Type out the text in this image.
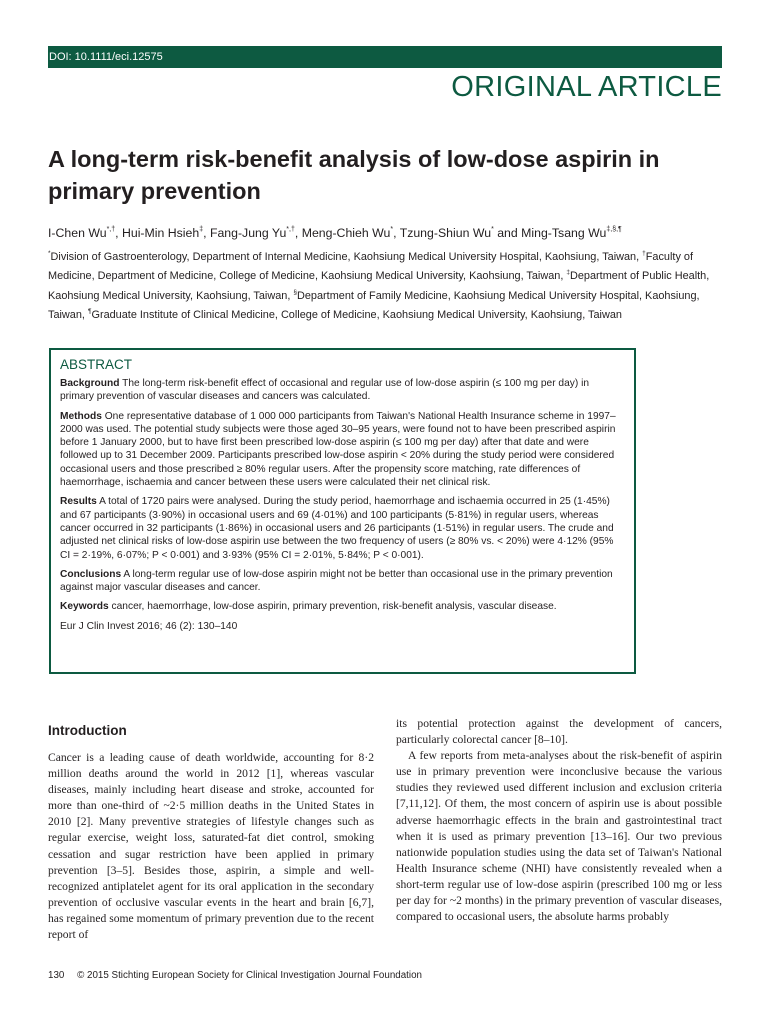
DOI: 10.1111/eci.12575
ORIGINAL ARTICLE
A long-term risk-benefit analysis of low-dose aspirin in primary prevention
I-Chen Wu*,†, Hui-Min Hsieh‡, Fang-Jung Yu*,†, Meng-Chieh Wu*, Tzung-Shiun Wu* and Ming-Tsang Wu‡,§,¶
*Division of Gastroenterology, Department of Internal Medicine, Kaohsiung Medical University Hospital, Kaohsiung, Taiwan, †Faculty of Medicine, Department of Medicine, College of Medicine, Kaohsiung Medical University, Kaohsiung, Taiwan, ‡Department of Public Health, Kaohsiung Medical University, Kaohsiung, Taiwan, §Department of Family Medicine, Kaohsiung Medical University Hospital, Kaohsiung, Taiwan, ¶Graduate Institute of Clinical Medicine, College of Medicine, Kaohsiung Medical University, Kaohsiung, Taiwan
ABSTRACT

Background The long-term risk-benefit effect of occasional and regular use of low-dose aspirin (≤ 100 mg per day) in primary prevention of vascular diseases and cancers was calculated.

Methods One representative database of 1 000 000 participants from Taiwan's National Health Insurance scheme in 1997–2000 was used. The potential study subjects were those aged 30–95 years, were found not to have been prescribed aspirin before 1 January 2000, but to have first been prescribed low-dose aspirin (≤ 100 mg per day) after that date and were followed up to 31 December 2009. Participants prescribed low-dose aspirin < 20% during the study period were considered occasional users and those prescribed ≥ 80% regular users. After the propensity score matching, rate differences of haemorrhage, ischaemia and cancer between these users were calculated their net clinical risk.

Results A total of 1720 pairs were analysed. During the study period, haemorrhage and ischaemia occurred in 25 (1·45%) and 67 participants (3·90%) in occasional users and 69 (4·01%) and 100 participants (5·81%) in regular users, whereas cancer occurred in 32 participants (1·86%) in occasional users and 26 participants (1·51%) in regular users. The crude and adjusted net clinical risks of low-dose aspirin use between the two frequency of users (≥ 80% vs. < 20%) were 4·12% (95% CI = 2·19%, 6·07%; P < 0·001) and 3·93% (95% CI = 2·01%, 5·84%; P < 0·001).

Conclusions A long-term regular use of low-dose aspirin might not be better than occasional use in the primary prevention against major vascular diseases and cancer.

Keywords cancer, haemorrhage, low-dose aspirin, primary prevention, risk-benefit analysis, vascular disease.

Eur J Clin Invest 2016; 46 (2): 130–140
Introduction

Cancer is a leading cause of death worldwide, accounting for 8·2 million deaths around the world in 2012 [1], whereas vascular diseases, mainly including heart disease and stroke, accounted for more than one-third of ~2·5 million deaths in the United States in 2010 [2]. Many preventive strategies of lifestyle changes such as regular exercise, weight loss, saturated-fat diet control, smoking cessation and sugar restriction have been applied in primary prevention [3–5]. Besides those, aspirin, a simple and well-recognized antiplatelet agent for its oral application in the secondary prevention of occlusive vascular events in the heart and brain [6,7], has regained some momentum of primary prevention due to the recent report of

its potential protection against the development of cancers, particularly colorectal cancer [8–10].

A few reports from meta-analyses about the risk-benefit of aspirin use in primary prevention were inconclusive because the various studies they reviewed used different inclusion and exclusion criteria [7,11,12]. Of them, the most concern of aspirin use is about possible adverse haemorrhagic effects in the brain and gastrointestinal tract when it is used as primary prevention [13–16]. Our two previous nationwide population studies using the data set of Taiwan's National Health Insurance scheme (NHI) have consistently revealed when a short-term regular use of low-dose aspirin (prescribed 100 mg or less per day for ~2 months) in the primary prevention of vascular diseases, compared to occasional users, the absolute harms probably

130 © 2015 Stichting European Society for Clinical Investigation Journal Foundation
